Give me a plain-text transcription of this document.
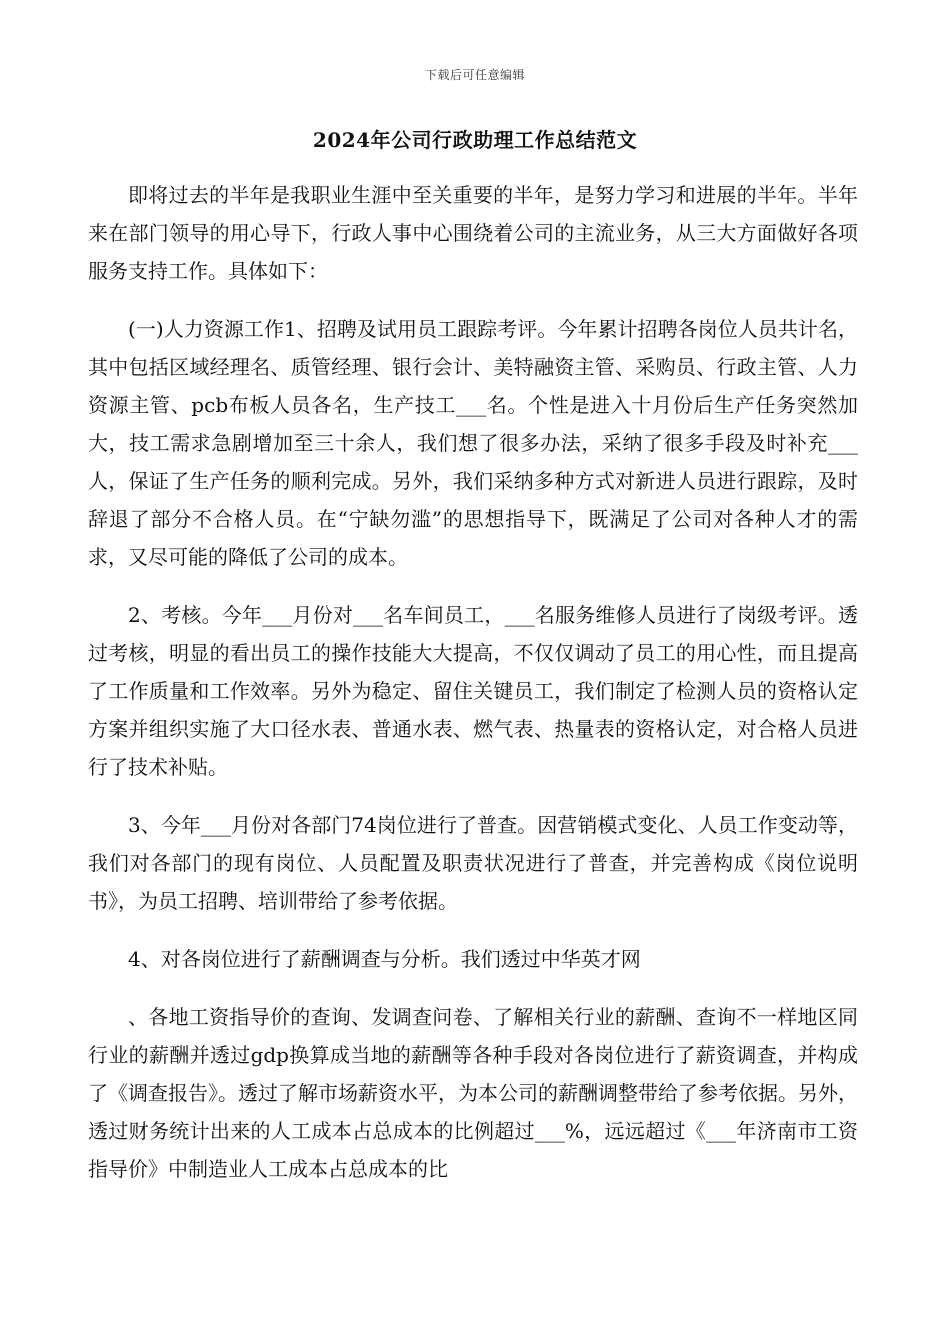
下载后可任意编辑
2024年公司行政助理工作总结范文

即将过去的半年是我职业生涯中至关重要的半年，是努力学习和进展的半年。半年来在部门领导的用心导下，行政人事中心围绕着公司的主流业务，从三大方面做好各项服务支持工作。具体如下：

(一)人力资源工作1、招聘及试用员工跟踪考评。今年累计招聘各岗位人员共计名，其中包括区域经理名、质管经理、银行会计、美特融资主管、采购员、行政主管、人力资源主管、pcb布板人员各名，生产技工___名。个性是进入十月份后生产任务突然加大，技工需求急剧增加至三十余人，我们想了很多办法，采纳了很多手段及时补充___人，保证了生产任务的顺利完成。另外，我们采纳多种方式对新进人员进行跟踪，及时辞退了部分不合格人员。在“宁缺勿滥”的思想指导下，既满足了公司对各种人才的需求，又尽可能的降低了公司的成本。

2、考核。今年___月份对___名车间员工，___名服务维修人员进行了岗级考评。透过考核，明显的看出员工的操作技能大大提高，不仅仅调动了员工的用心性，而且提高了工作质量和工作效率。另外为稳定、留住关键员工，我们制定了检测人员的资格认定方案并组织实施了大口径水表、普通水表、燃气表、热量表的资格认定，对合格人员进行了技术补贴。

3、今年___月份对各部门74岗位进行了普查。因营销模式变化、人员工作变动等，我们对各部门的现有岗位、人员配置及职责状况进行了普查，并完善构成《岗位说明书》，为员工招聘、培训带给了参考依据。

4、对各岗位进行了薪酬调查与分析。我们透过中华英才网

、各地工资指导价的查询、发调查问卷、了解相关行业的薪酬、查询不一样地区同行业的薪酬并透过gdp换算成当地的薪酬等各种手段对各岗位进行了薪资调查，并构成了《调查报告》。透过了解市场薪资水平，为本公司的薪酬调整带给了参考依据。另外，透过财务统计出来的人工成本占总成本的比例超过___%，远远超过《___年济南市工资指导价》中制造业人工成本占总成本的比
